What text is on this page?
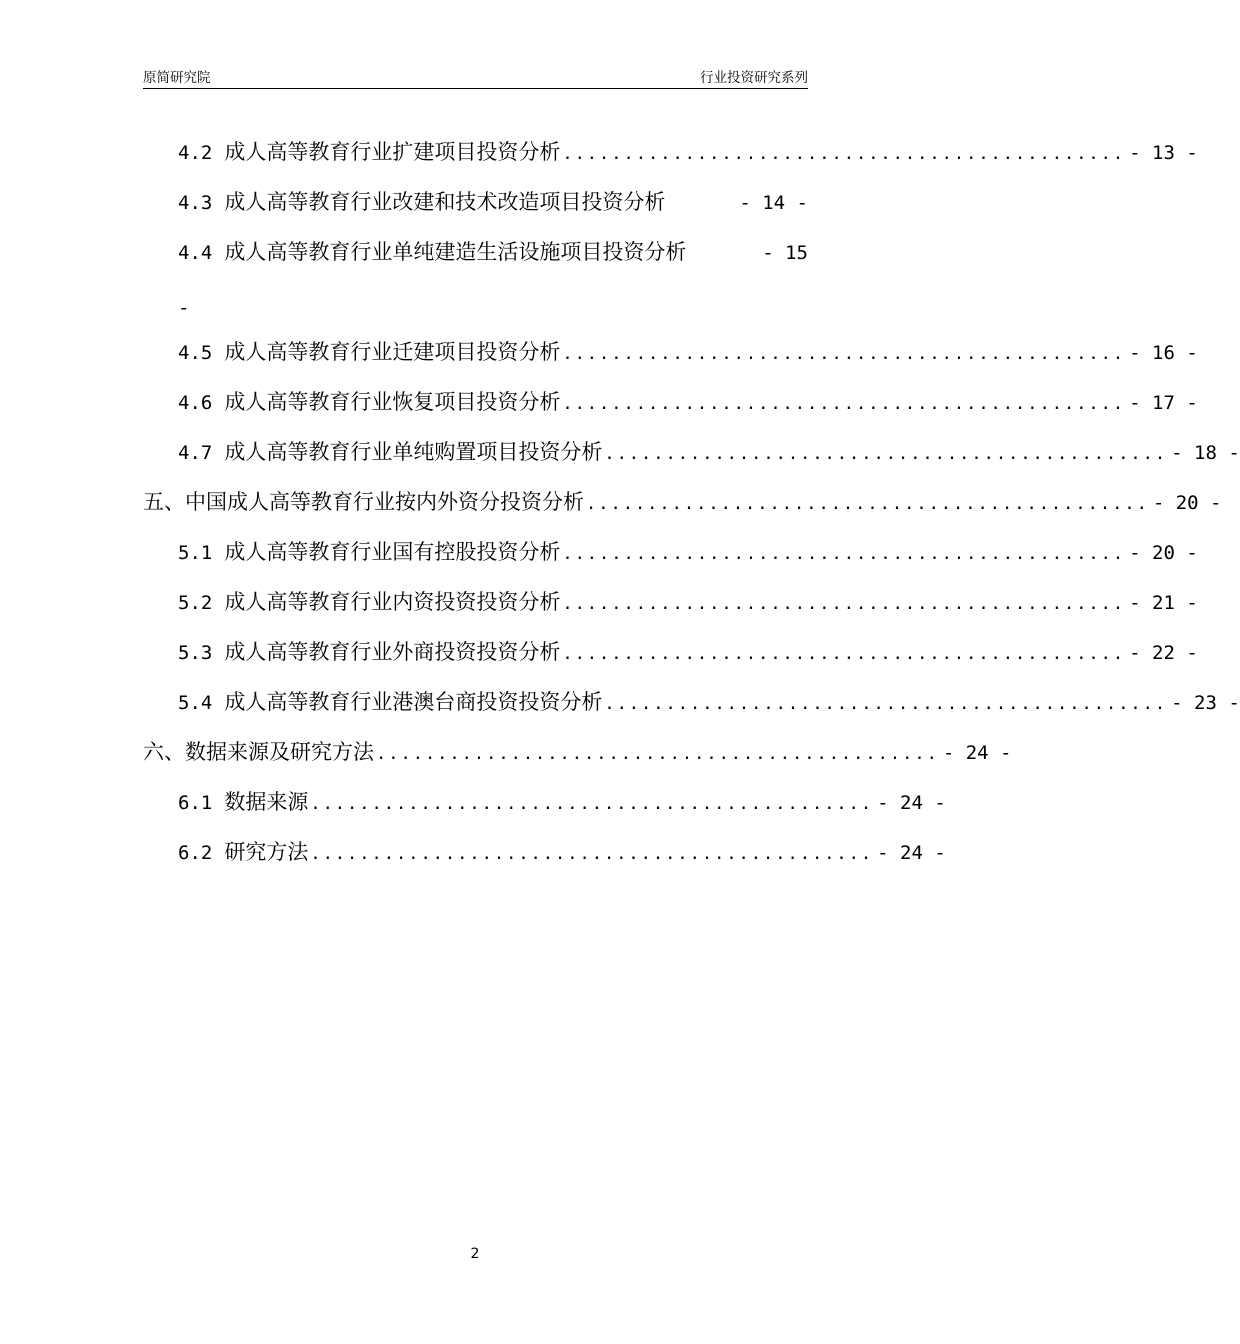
原简研究院	行业投资研究系列
4.2 成人高等教育行业扩建项目投资分析 .............................................. - 13 -
4.3 成人高等教育行业改建和技术改造项目投资分析	- 14 -
4.4 成人高等教育行业单纯建造生活设施项目投资分析	- 15
4.5 成人高等教育行业迁建项目投资分析 .............................................. - 16 -
4.6 成人高等教育行业恢复项目投资分析 .............................................. - 17 -
4.7 成人高等教育行业单纯购置项目投资分析 .............................................. - 18 -
五、中国成人高等教育行业按内外资分投资分析 .............................................. - 20 -
5.1 成人高等教育行业国有控股投资分析 .............................................. - 20 -
5.2 成人高等教育行业内资投资投资分析 .............................................. - 21 -
5.3 成人高等教育行业外商投资投资分析 .............................................. - 22 -
5.4 成人高等教育行业港澳台商投资投资分析 .............................................. - 23 -
六、数据来源及研究方法 .............................................. - 24 -
6.1 数据来源 .............................................. - 24 -
6.2 研究方法 .............................................. - 24 -
-
2
